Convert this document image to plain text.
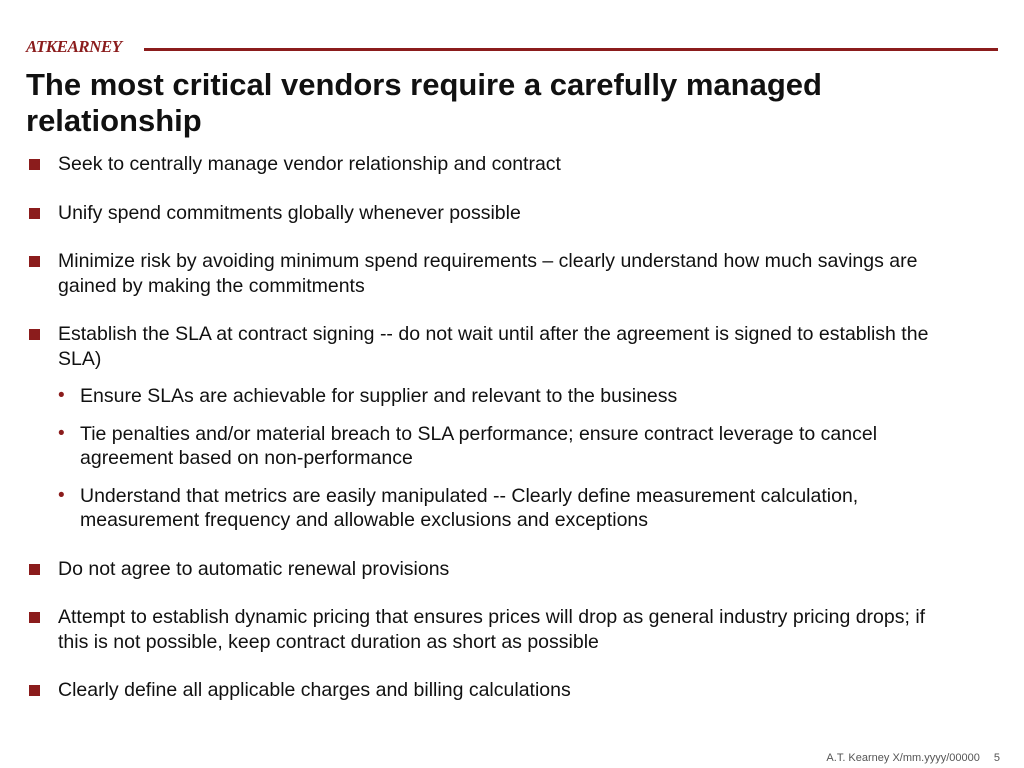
ATKEARNEY
The most critical vendors require a carefully managed relationship
Seek to centrally manage vendor relationship and contract
Unify spend commitments globally whenever possible
Minimize risk by avoiding minimum spend requirements – clearly understand how much savings are gained by making the commitments
Establish the SLA at contract signing -- do not wait until after the agreement is signed to establish the SLA)
• Ensure SLAs are achievable for supplier and relevant to the business
• Tie penalties and/or material breach to SLA performance; ensure contract leverage to cancel agreement based on non-performance
• Understand that metrics are easily manipulated -- Clearly define measurement calculation, measurement frequency and allowable exclusions and exceptions
Do not agree to automatic renewal provisions
Attempt to establish dynamic pricing that ensures prices will drop as general industry pricing drops; if this is not possible, keep contract duration as short as possible
Clearly define all applicable charges and billing calculations
A.T. Kearney X/mm.yyyy/00000 5
